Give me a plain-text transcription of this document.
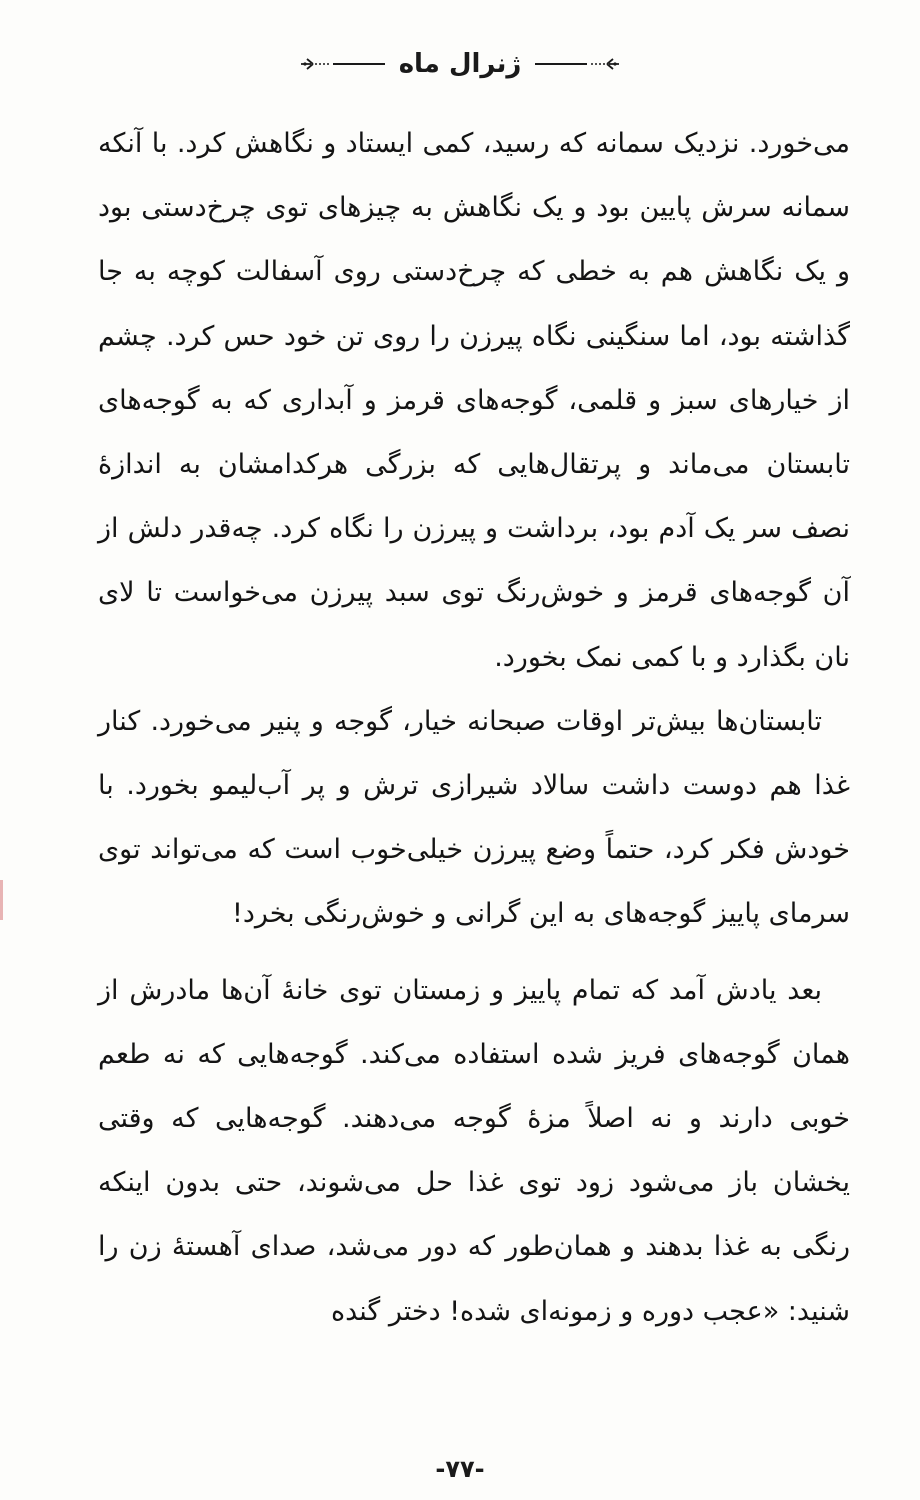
ژنرال ماه

می‌خورد. نزدیک سمانه که رسید، کمی ایستاد و نگاهش کرد. با آنکه سمانه سرش پایین بود و یک نگاهش به چیزهای توی چرخ‌دستی بود و یک نگاهش هم به خطی که چرخ‌دستی روی آسفالت کوچه به جا گذاشته بود، اما سنگینی نگاه پیرزن را روی تن خود حس کرد. چشم از خیارهای سبز و قلمی، گوجه‌های قرمز و آبداری که به گوجه‌های تابستان می‌ماند و پرتقال‌هایی که بزرگی هرکدامشان به اندازهٔ نصف سر یک آدم بود، برداشت و پیرزن را نگاه کرد. چه‌قدر دلش از آن گوجه‌های قرمز و خوش‌رنگ توی سبد پیرزن می‌خواست تا لای نان بگذارد و با کمی نمک بخورد.

تابستان‌ها بیش‌تر اوقات صبحانه خیار، گوجه و پنیر می‌خورد. کنار غذا هم دوست داشت سالاد شیرازی ترش و پر آب‌لیمو بخورد. با خودش فکر کرد، حتماً وضع پیرزن خیلی‌خوب است که می‌تواند توی سرمای پاییز گوجه‌های به این گرانی و خوش‌رنگی بخرد!

بعد یادش آمد که تمام پاییز و زمستان توی خانهٔ آن‌ها مادرش از همان گوجه‌های فریز شده استفاده می‌کند. گوجه‌هایی که نه طعم خوبی دارند و نه اصلاً مزهٔ گوجه می‌دهند. گوجه‌هایی که وقتی یخشان باز می‌شود زود توی غذا حل می‌شوند، حتی بدون اینکه رنگی به غذا بدهند و همان‌طور که دور می‌شد، صدای آهستهٔ زن را شنید: «عجب دوره و زمونه‌ای شده! دختر گنده

-۷۷-
